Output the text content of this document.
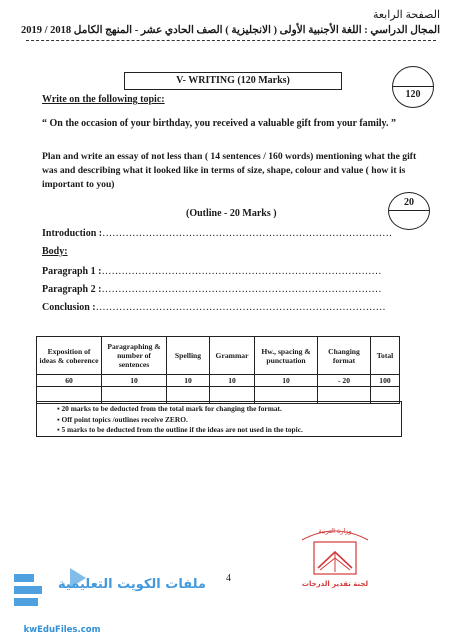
الصفحة الرابعة
المجال الدراسي : اللغة الأجنبية الأولى ( الانجليزية ) الصف الحادي عشر - المنهج الكامل 2018 / 2019
V- WRITING (120 Marks)
120
Write on the following topic:
“ On the occasion of your birthday, you received a valuable gift from your family. ”
Plan and write an essay of not less than ( 14 sentences / 160 words) mentioning what the gift was and describing what it looked like in terms of size, shape, colour and value ( how it is important to you)
20
(Outline - 20 Marks )
Introduction :……………………………………………………………………………
Body:
Paragraph 1 :…………………………………………………………………………
Paragraph 2 :…………………………………………………………………………
Conclusion :……………………………………………………………………………
Exposition of ideas & coherence	Paragraphing & number of sentences	Spelling	Grammar	Hw., spacing & punctuation	Changing format	Total
60	10	10	10	10	- 20	100

▪ 20 marks to be deducted from the total mark for changing the format.
▪ Off point topics /outlines receive ZERO.
▪ 5 marks to be deducted from the outline if the ideas are not used in the topic.
وزارة التربية
لجنة تقدير الدرجات
4
ملفات الكويت التعليمية
kwEduFiles.com
